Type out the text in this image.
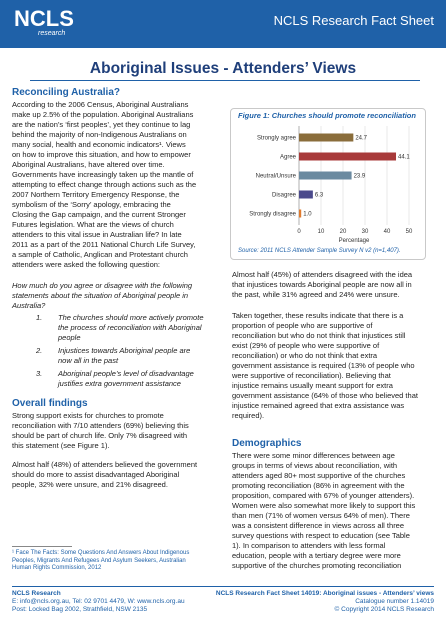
NCLS
research
NCLS Research Fact Sheet
Aboriginal Issues - Attenders’ Views
Reconciling Australia?
According to the 2006 Census, Aboriginal Australians
make up 2.5% of the population. Aboriginal Australians
are the nation’s ‘first peoples’, yet they continue to lag
behind the majority of non-Indigenous Australians on
many social, health and economic indicators¹. Views
on how to improve this situation, and how to empower
Aboriginal Australians, have altered over time.
Governments have increasingly taken up the mantle of
attempting to effect change through actions such as the
2007 Northern Territory Emergency Response, the
symbolism of the ‘Sorry’ apology, embracing the
Closing the Gap campaign, and the current Stronger
Futures legislation. What are the views of church
attenders to this vital issue in Australian life? In late
2011 as a part of the 2011 National Church Life Survey,
a sample of Catholic, Anglican and Protestant church
attenders were asked the following question:
How much do you agree or disagree with the following
statements about the situation of Aboriginal people in
Australia?
1. The churches should more actively promote
the process of reconciliation with Aboriginal
people
2. Injustices towards Aboriginal people are
now all in the past
3. Aboriginal people’s level of disadvantage
justifies extra government assistance
Overall findings
Strong support exists for churches to promote
reconciliation with 7/10 attenders (69%) believing this
should be part of church life. Only 7% disagreed with
this statement (see Figure 1).
Almost half (48%) of attenders believed the government
should do more to assist disadvantaged Aboriginal
people, 32% were unsure, and 21% disagreed.
¹ Face The Facts: Some Questions And Answers About Indigenous
Peoples, Migrants And Refugees And Asylum Seekers, Australian
Human Rights Commission, 2012
Figure 1: Churches should promote reconciliation
0	10	20	30	40	50
Strongly agree	24.7
Agree	44.1
Neutral/Unsure	23.9
Disagree	6.3
Strongly disagree 1.0
Percentage
Source: 2011 NCLS Attender Sample Survey N v2 (n=1,407).
Almost half (45%) of attenders disagreed with the idea
that injustices towards Aboriginal people are now all in
the past, while 31% agreed and 24% were unsure.
Taken together, these results indicate that there is a
proportion of people who are supportive of
reconciliation but who do not think that injustices still
exist (29% of people who were supportive of
reconciliation) or who do not think that extra
government assistance is required (13% of people who
were supportive of reconciliation). Believing that
injustice remains usually meant support for extra
government assistance (64% of those who believed that
injustice remained agreed that extra assistance was
required).
Demographics
There were some minor differences between age
groups in terms of views about reconciliation, with
attenders aged 80+ most supportive of the churches
promoting reconciliation (86% in agreement with the
proposition, compared with 67% of younger attenders).
Women were also somewhat more likely to support this
than men (71% of women versus 64% of men). There
was a consistent difference in views across all three
survey questions with respect to education (see Table
1). In comparison to attenders with less formal
education, people with a tertiary degree were more
supportive of the churches promoting reconciliation
NCLS Research
E: info@ncls.org.au, Tel: 02 9701 4479, W: www.ncls.org.au
Post: Locked Bag 2002, Strathfield, NSW 2135
NCLS Research Fact Sheet 14019: Aboriginal issues - Attenders’ views
Catalogue number 1.14019
© Copyright 2014 NCLS Research
